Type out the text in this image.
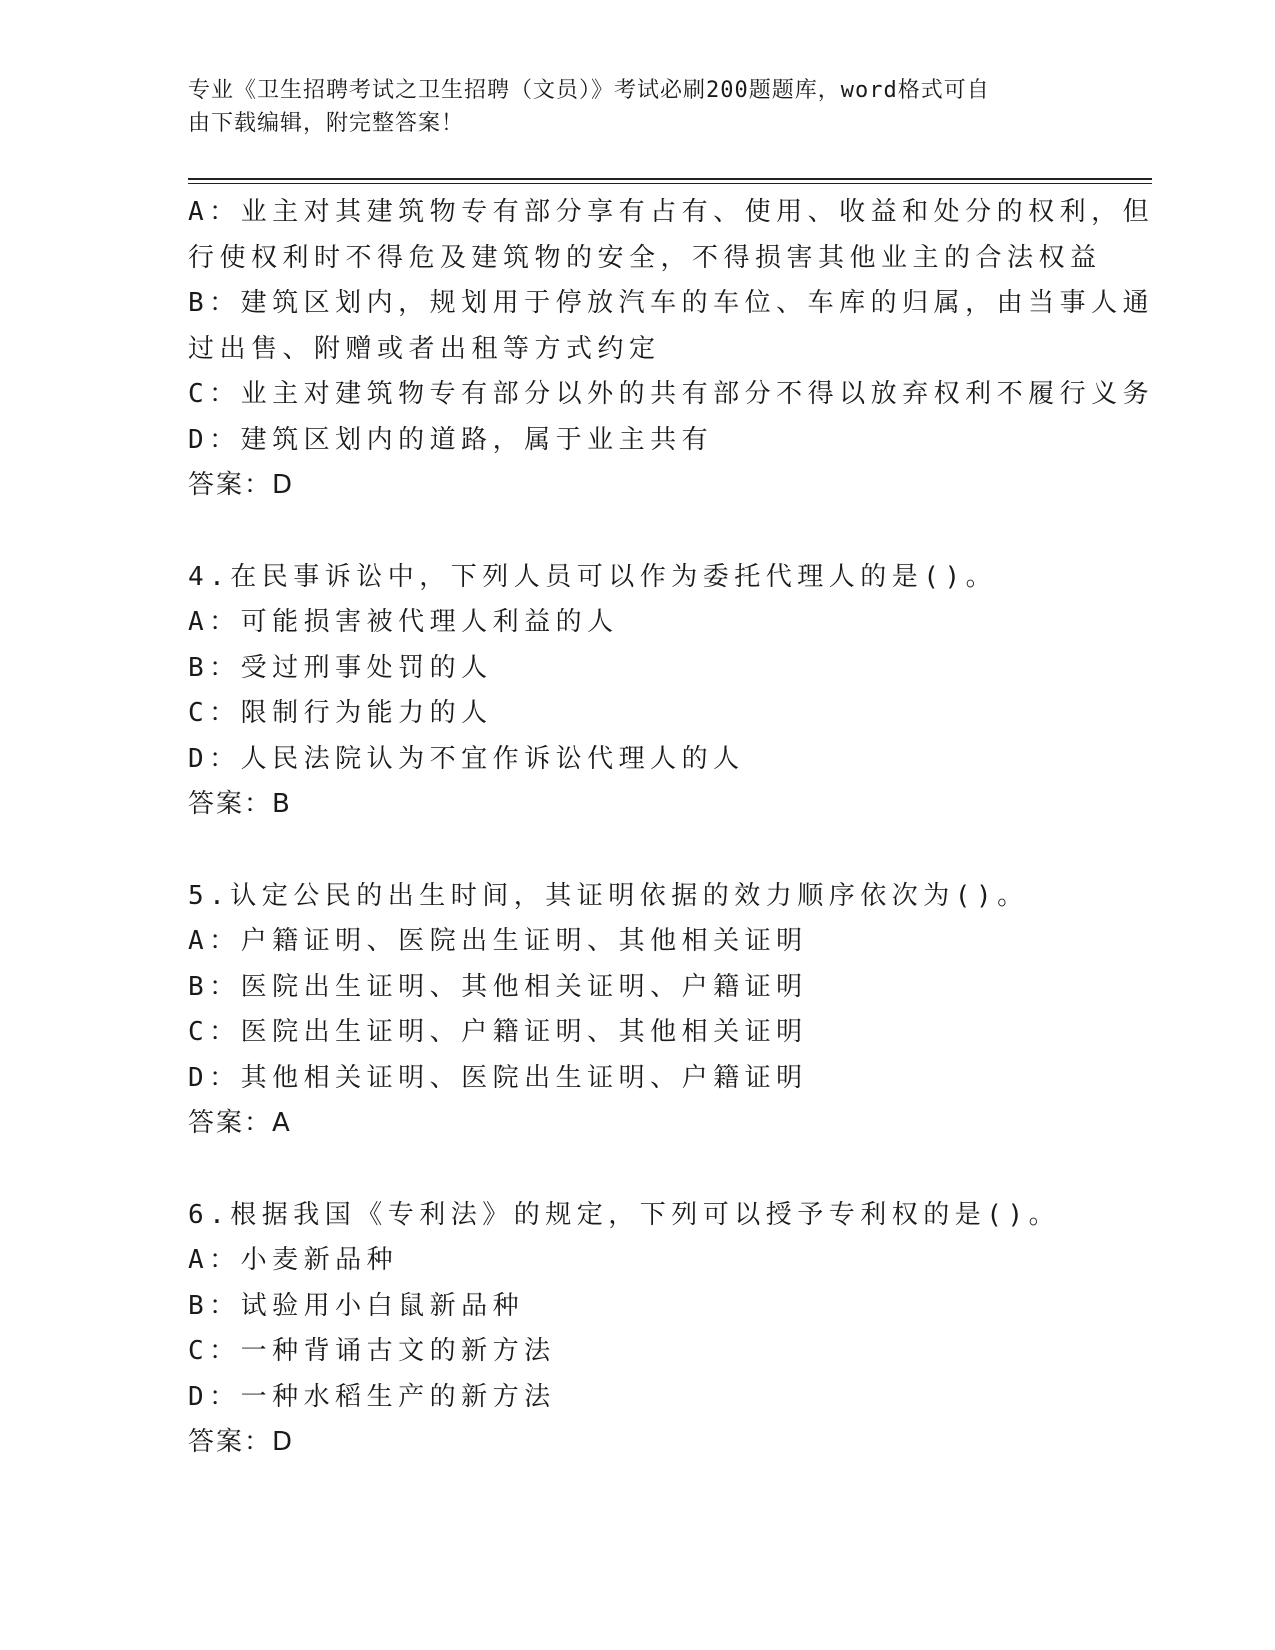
专业《卫生招聘考试之卫生招聘（文员）》考试必刷200题题库，word格式可自
由下载编辑，附完整答案！
A：业主对其建筑物专有部分享有占有、使用、收益和处分的权利，但
行使权利时不得危及建筑物的安全，不得损害其他业主的合法权益
B：建筑区划内，规划用于停放汽车的车位、车库的归属，由当事人通
过出售、附赠或者出租等方式约定
C：业主对建筑物专有部分以外的共有部分不得以放弃权利不履行义务
D：建筑区划内的道路，属于业主共有
答案：D
4.在民事诉讼中，下列人员可以作为委托代理人的是()。
A：可能损害被代理人利益的人
B：受过刑事处罚的人
C：限制行为能力的人
D：人民法院认为不宜作诉讼代理人的人
答案：B
5.认定公民的出生时间，其证明依据的效力顺序依次为()。
A：户籍证明、医院出生证明、其他相关证明
B：医院出生证明、其他相关证明、户籍证明
C：医院出生证明、户籍证明、其他相关证明
D：其他相关证明、医院出生证明、户籍证明
答案：A
6.根据我国《专利法》的规定，下列可以授予专利权的是()。
A：小麦新品种
B：试验用小白鼠新品种
C：一种背诵古文的新方法
D：一种水稻生产的新方法
答案：D
